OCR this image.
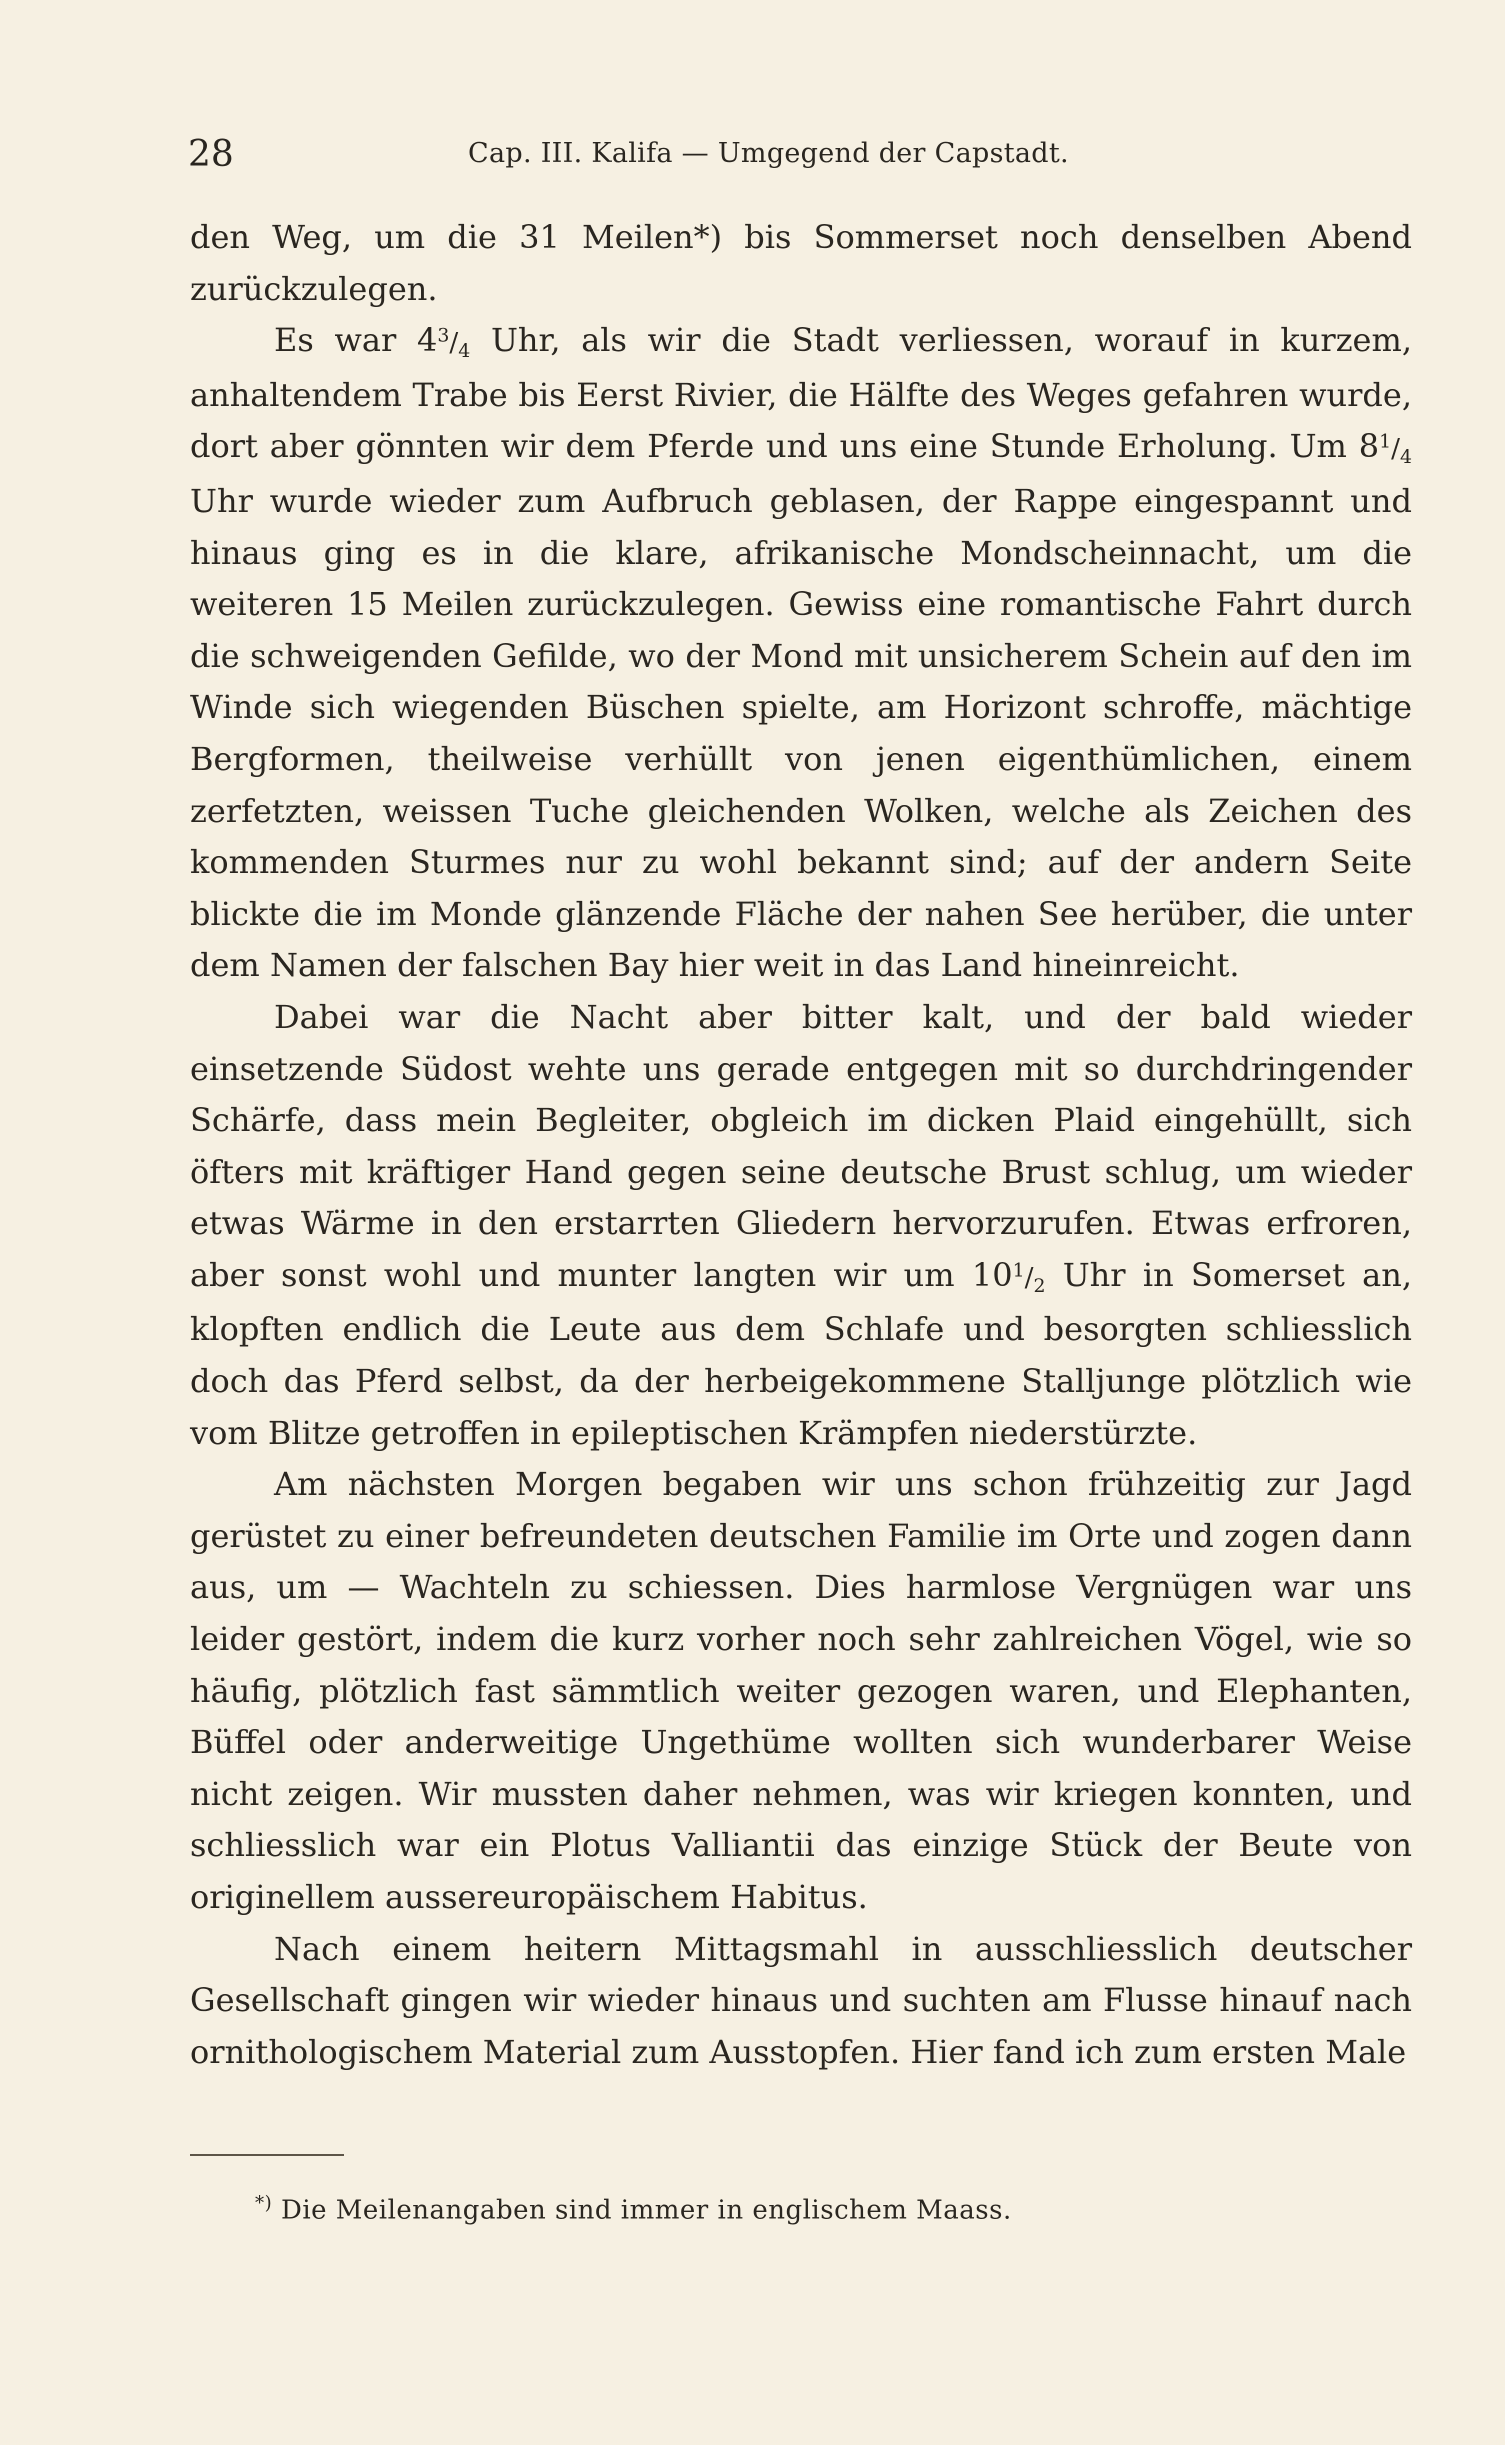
28	Cap. III. Kalifa — Umgegend der Capstadt.

den Weg, um die 31 Meilen*) bis Sommerset noch denselben Abend zurückzulegen.

Es war $4^3/_4$ Uhr, als wir die Stadt verliessen, worauf in kurzem, anhaltendem Trabe bis Eerst Rivier, die Hälfte des Weges gefahren wurde, dort aber gönnten wir dem Pferde und uns eine Stunde Erholung. Um $8^1/_4$ Uhr wurde wieder zum Aufbruch geblasen, der Rappe eingespannt und hinaus ging es in die klare, afrikanische Mondscheinnacht, um die weiteren 15 Meilen zurückzulegen. Gewiss eine romantische Fahrt durch die schweigenden Gefilde, wo der Mond mit unsicherem Schein auf den im Winde sich wiegenden Büschen spielte, am Horizont schroffe, mächtige Bergformen, theilweise verhüllt von jenen eigenthümlichen, einem zerfetzten, weissen Tuche gleichenden Wolken, welche als Zeichen des kommenden Sturmes nur zu wohl bekannt sind; auf der andern Seite blickte die im Monde glänzende Fläche der nahen See herüber, die unter dem Namen der falschen Bay hier weit in das Land hineinreicht.

Dabei war die Nacht aber bitter kalt, und der bald wieder einsetzende Südost wehte uns gerade entgegen mit so durchdringender Schärfe, dass mein Begleiter, obgleich im dicken Plaid eingehüllt, sich öfters mit kräftiger Hand gegen seine deutsche Brust schlug, um wieder etwas Wärme in den erstarrten Gliedern hervorzurufen. Etwas erfroren, aber sonst wohl und munter langten wir um $10^1/_2$ Uhr in Somerset an, klopften endlich die Leute aus dem Schlafe und besorgten schliesslich doch das Pferd selbst, da der herbeigekommene Stalljunge plötzlich wie vom Blitze getroffen in epileptischen Krämpfen niederstürzte.

Am nächsten Morgen begaben wir uns schon frühzeitig zur Jagd gerüstet zu einer befreundeten deutschen Familie im Orte und zogen dann aus, um — Wachteln zu schiessen. Dies harmlose Vergnügen war uns leider gestört, indem die kurz vorher noch sehr zahlreichen Vögel, wie so häufig, plötzlich fast sämmtlich weiter gezogen waren, und Elephanten, Büffel oder anderweitige Ungethüme wollten sich wunderbarer Weise nicht zeigen. Wir mussten daher nehmen, was wir kriegen konnten, und schliesslich war ein Plotus Valliantii das einzige Stück der Beute von originellem aussereuropäischem Habitus.

Nach einem heitern Mittagsmahl in ausschliesslich deutscher Gesellschaft gingen wir wieder hinaus und suchten am Flusse hinauf nach ornithologischem Material zum Ausstopfen. Hier fand ich zum ersten Male

*) Die Meilenangaben sind immer in englischem Maass.
